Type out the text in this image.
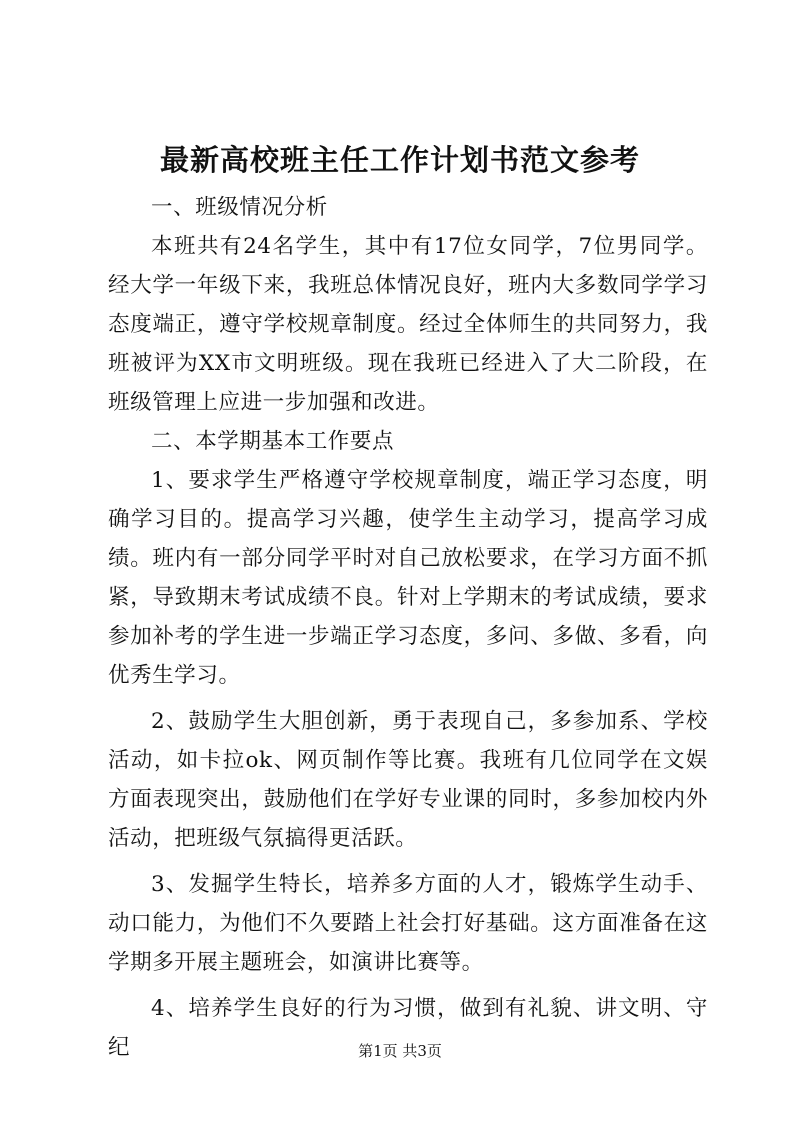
最新高校班主任工作计划书范文参考

一、班级情况分析

本班共有24名学生，其中有17位女同学，7位男同学。经大学一年级下来，我班总体情况良好，班内大多数同学学习态度端正，遵守学校规章制度。经过全体师生的共同努力，我班被评为XX市文明班级。现在我班已经进入了大二阶段，在班级管理上应进一步加强和改进。

二、本学期基本工作要点

1、要求学生严格遵守学校规章制度，端正学习态度，明确学习目的。提高学习兴趣，使学生主动学习，提高学习成绩。班内有一部分同学平时对自己放松要求，在学习方面不抓紧，导致期末考试成绩不良。针对上学期末的考试成绩，要求参加补考的学生进一步端正学习态度，多问、多做、多看，向优秀生学习。

2、鼓励学生大胆创新，勇于表现自己，多参加系、学校活动，如卡拉ok、网页制作等比赛。我班有几位同学在文娱方面表现突出，鼓励他们在学好专业课的同时，多参加校内外活动，把班级气氛搞得更活跃。

3、发掘学生特长，培养多方面的人才，锻炼学生动手、动口能力，为他们不久要踏上社会打好基础。这方面准备在这学期多开展主题班会，如演讲比赛等。

4、培养学生良好的行为习惯，做到有礼貌、讲文明、守纪	第1页 共3页
